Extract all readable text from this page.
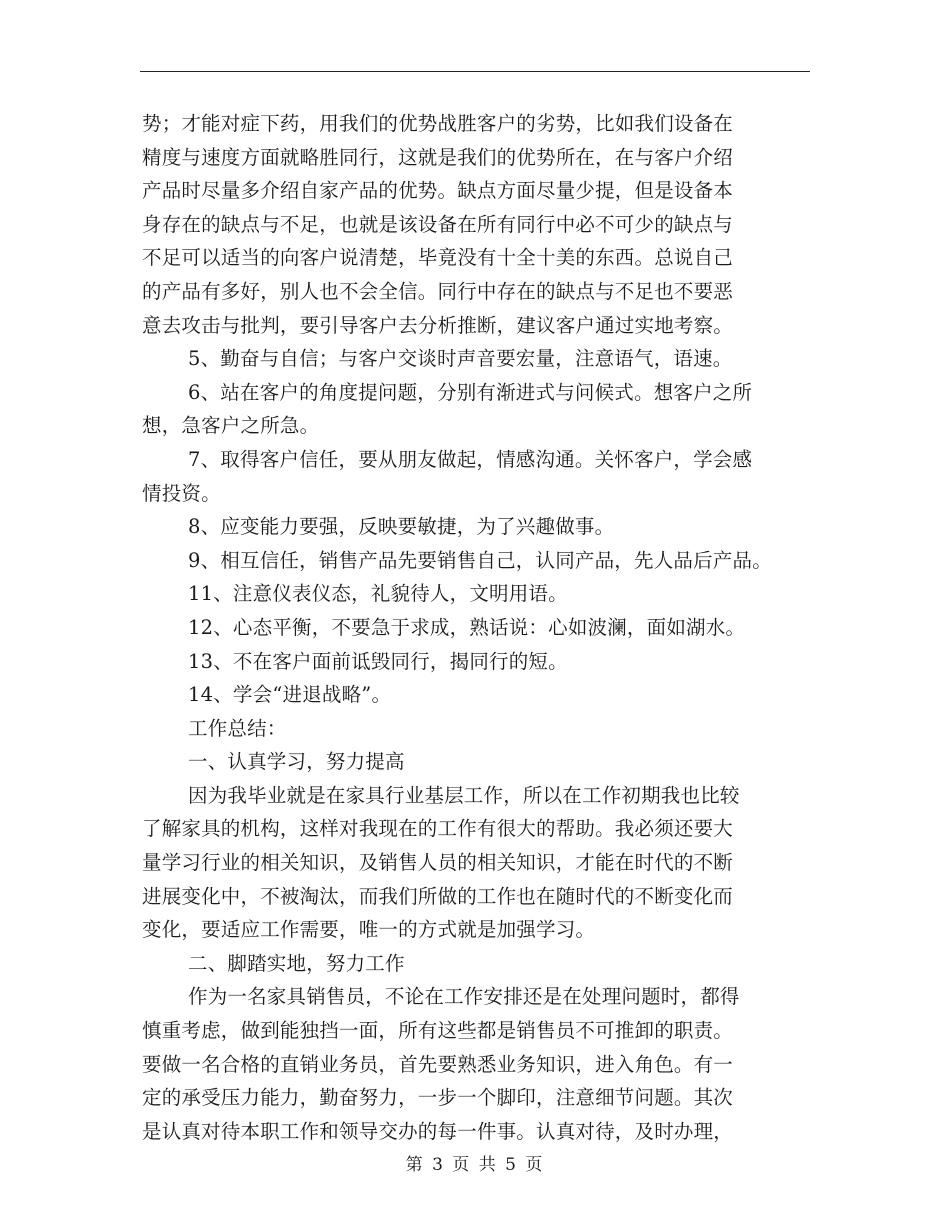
势；才能对症下药，用我们的优势战胜客户的劣势，比如我们设备在
精度与速度方面就略胜同行，这就是我们的优势所在，在与客户介绍
产品时尽量多介绍自家产品的优势。缺点方面尽量少提，但是设备本
身存在的缺点与不足，也就是该设备在所有同行中必不可少的缺点与
不足可以适当的向客户说清楚，毕竟没有十全十美的东西。总说自己
的产品有多好，别人也不会全信。同行中存在的缺点与不足也不要恶
意去攻击与批判，要引导客户去分析推断，建议客户通过实地考察。
5、勤奋与自信；与客户交谈时声音要宏量，注意语气，语速。
6、站在客户的角度提问题，分别有渐进式与问候式。想客户之所
想，急客户之所急。
7、取得客户信任，要从朋友做起，情感沟通。关怀客户，学会感
情投资。
8、应变能力要强，反映要敏捷，为了兴趣做事。
9、相互信任，销售产品先要销售自己，认同产品，先人品后产品。
11、注意仪表仪态，礼貌待人，文明用语。
12、心态平衡，不要急于求成，熟话说：心如波澜，面如湖水。
13、不在客户面前诋毁同行，揭同行的短。
14、学会“进退战略”。
工作总结：
一、认真学习，努力提高
因为我毕业就是在家具行业基层工作，所以在工作初期我也比较
了解家具的机构，这样对我现在的工作有很大的帮助。我必须还要大
量学习行业的相关知识，及销售人员的相关知识，才能在时代的不断
进展变化中，不被淘汰，而我们所做的工作也在随时代的不断变化而
变化，要适应工作需要，唯一的方式就是加强学习。
二、脚踏实地，努力工作
作为一名家具销售员，不论在工作安排还是在处理问题时，都得
慎重考虑，做到能独挡一面，所有这些都是销售员不可推卸的职责。
要做一名合格的直销业务员，首先要熟悉业务知识，进入角色。有一
定的承受压力能力，勤奋努力，一步一个脚印，注意细节问题。其次
是认真对待本职工作和领导交办的每一件事。认真对待，及时办理，
第 3 页 共 5 页
